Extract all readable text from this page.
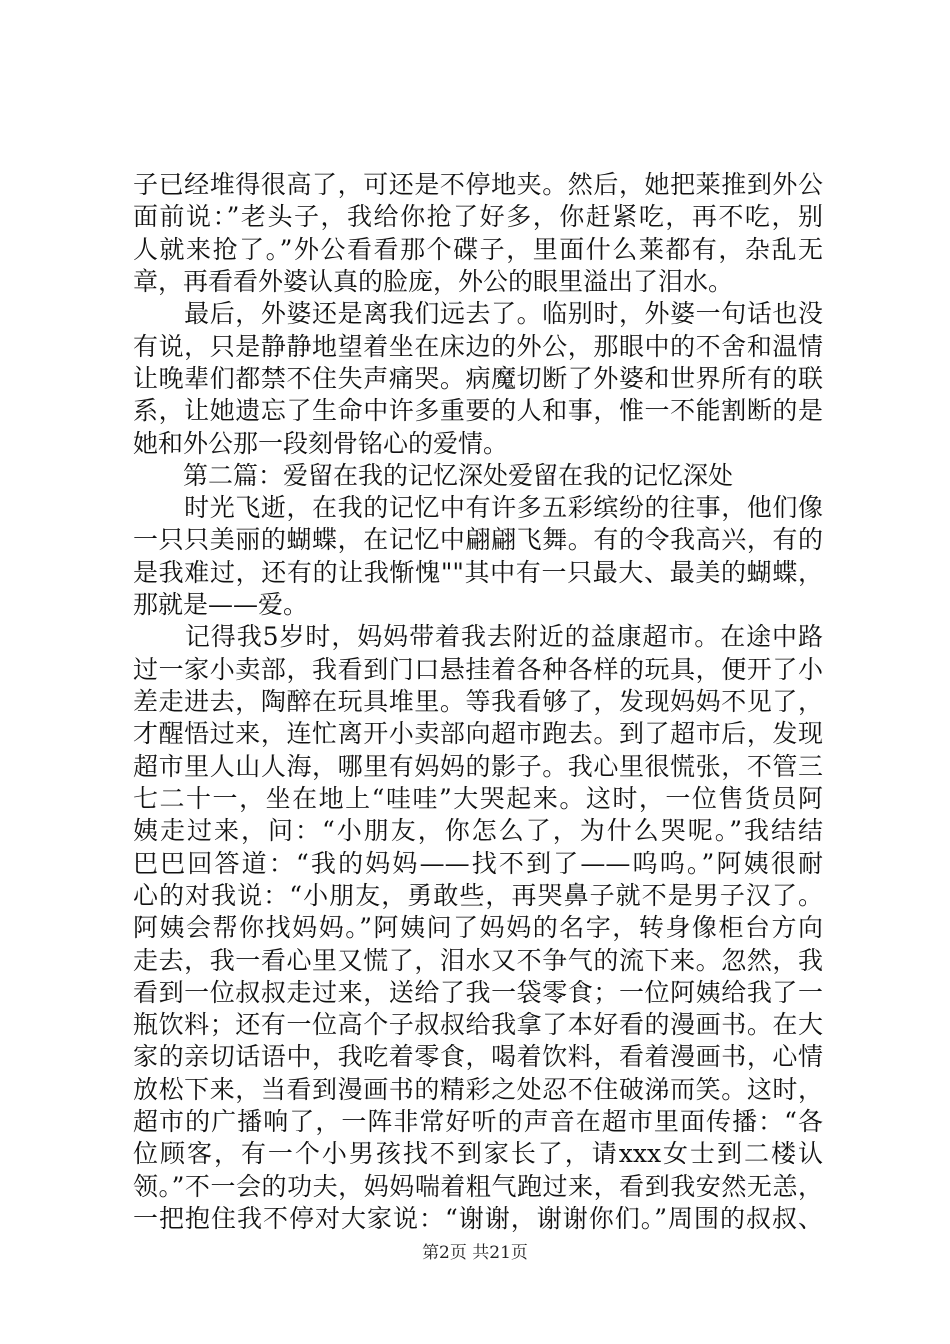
子已经堆得很高了，可还是不停地夹。然后，她把莱推到外公
面前说：”老头子，我给你抢了好多，你赶紧吃，再不吃，别
人就来抢了。”外公看看那个碟子，里面什么莱都有，杂乱无
章，再看看外婆认真的脸庞，外公的眼里溢出了泪水。
　　最后，外婆还是离我们远去了。临别时，外婆一句话也没
有说，只是静静地望着坐在床边的外公，那眼中的不舍和温情
让晚辈们都禁不住失声痛哭。病魔切断了外婆和世界所有的联
系，让她遗忘了生命中许多重要的人和事，惟一不能割断的是
她和外公那一段刻骨铭心的爱情。
　　第二篇：爱留在我的记忆深处爱留在我的记忆深处
　　时光飞逝，在我的记忆中有许多五彩缤纷的往事，他们像
一只只美丽的蝴蝶，在记忆中翩翩飞舞。有的令我高兴，有的
是我难过，还有的让我惭愧""其中有一只最大、最美的蝴蝶，
那就是——爱。
　　记得我5岁时，妈妈带着我去附近的益康超市。在途中路
过一家小卖部，我看到门口悬挂着各种各样的玩具，便开了小
差走进去，陶醉在玩具堆里。等我看够了，发现妈妈不见了，
才醒悟过来，连忙离开小卖部向超市跑去。到了超市后，发现
超市里人山人海，哪里有妈妈的影子。我心里很慌张，不管三
七二十一，坐在地上“哇哇”大哭起来。这时，一位售货员阿
姨走过来，问：“小朋友，你怎么了，为什么哭呢。”我结结
巴巴回答道：“我的妈妈——找不到了——呜呜。”阿姨很耐
心的对我说：“小朋友，勇敢些，再哭鼻子就不是男子汉了。
阿姨会帮你找妈妈。”阿姨问了妈妈的名字，转身像柜台方向
走去，我一看心里又慌了，泪水又不争气的流下来。忽然，我
看到一位叔叔走过来，送给了我一袋零食；一位阿姨给我了一
瓶饮料；还有一位高个子叔叔给我拿了本好看的漫画书。在大
家的亲切话语中，我吃着零食，喝着饮料，看着漫画书，心情
放松下来，当看到漫画书的精彩之处忍不住破涕而笑。这时，
超市的广播响了，一阵非常好听的声音在超市里面传播：“各
位顾客，有一个小男孩找不到家长了，请xxx女士到二楼认
领。”不一会的功夫，妈妈喘着粗气跑过来，看到我安然无恙，
一把抱住我不停对大家说：“谢谢，谢谢你们。”周围的叔叔、
第2页 共21页
